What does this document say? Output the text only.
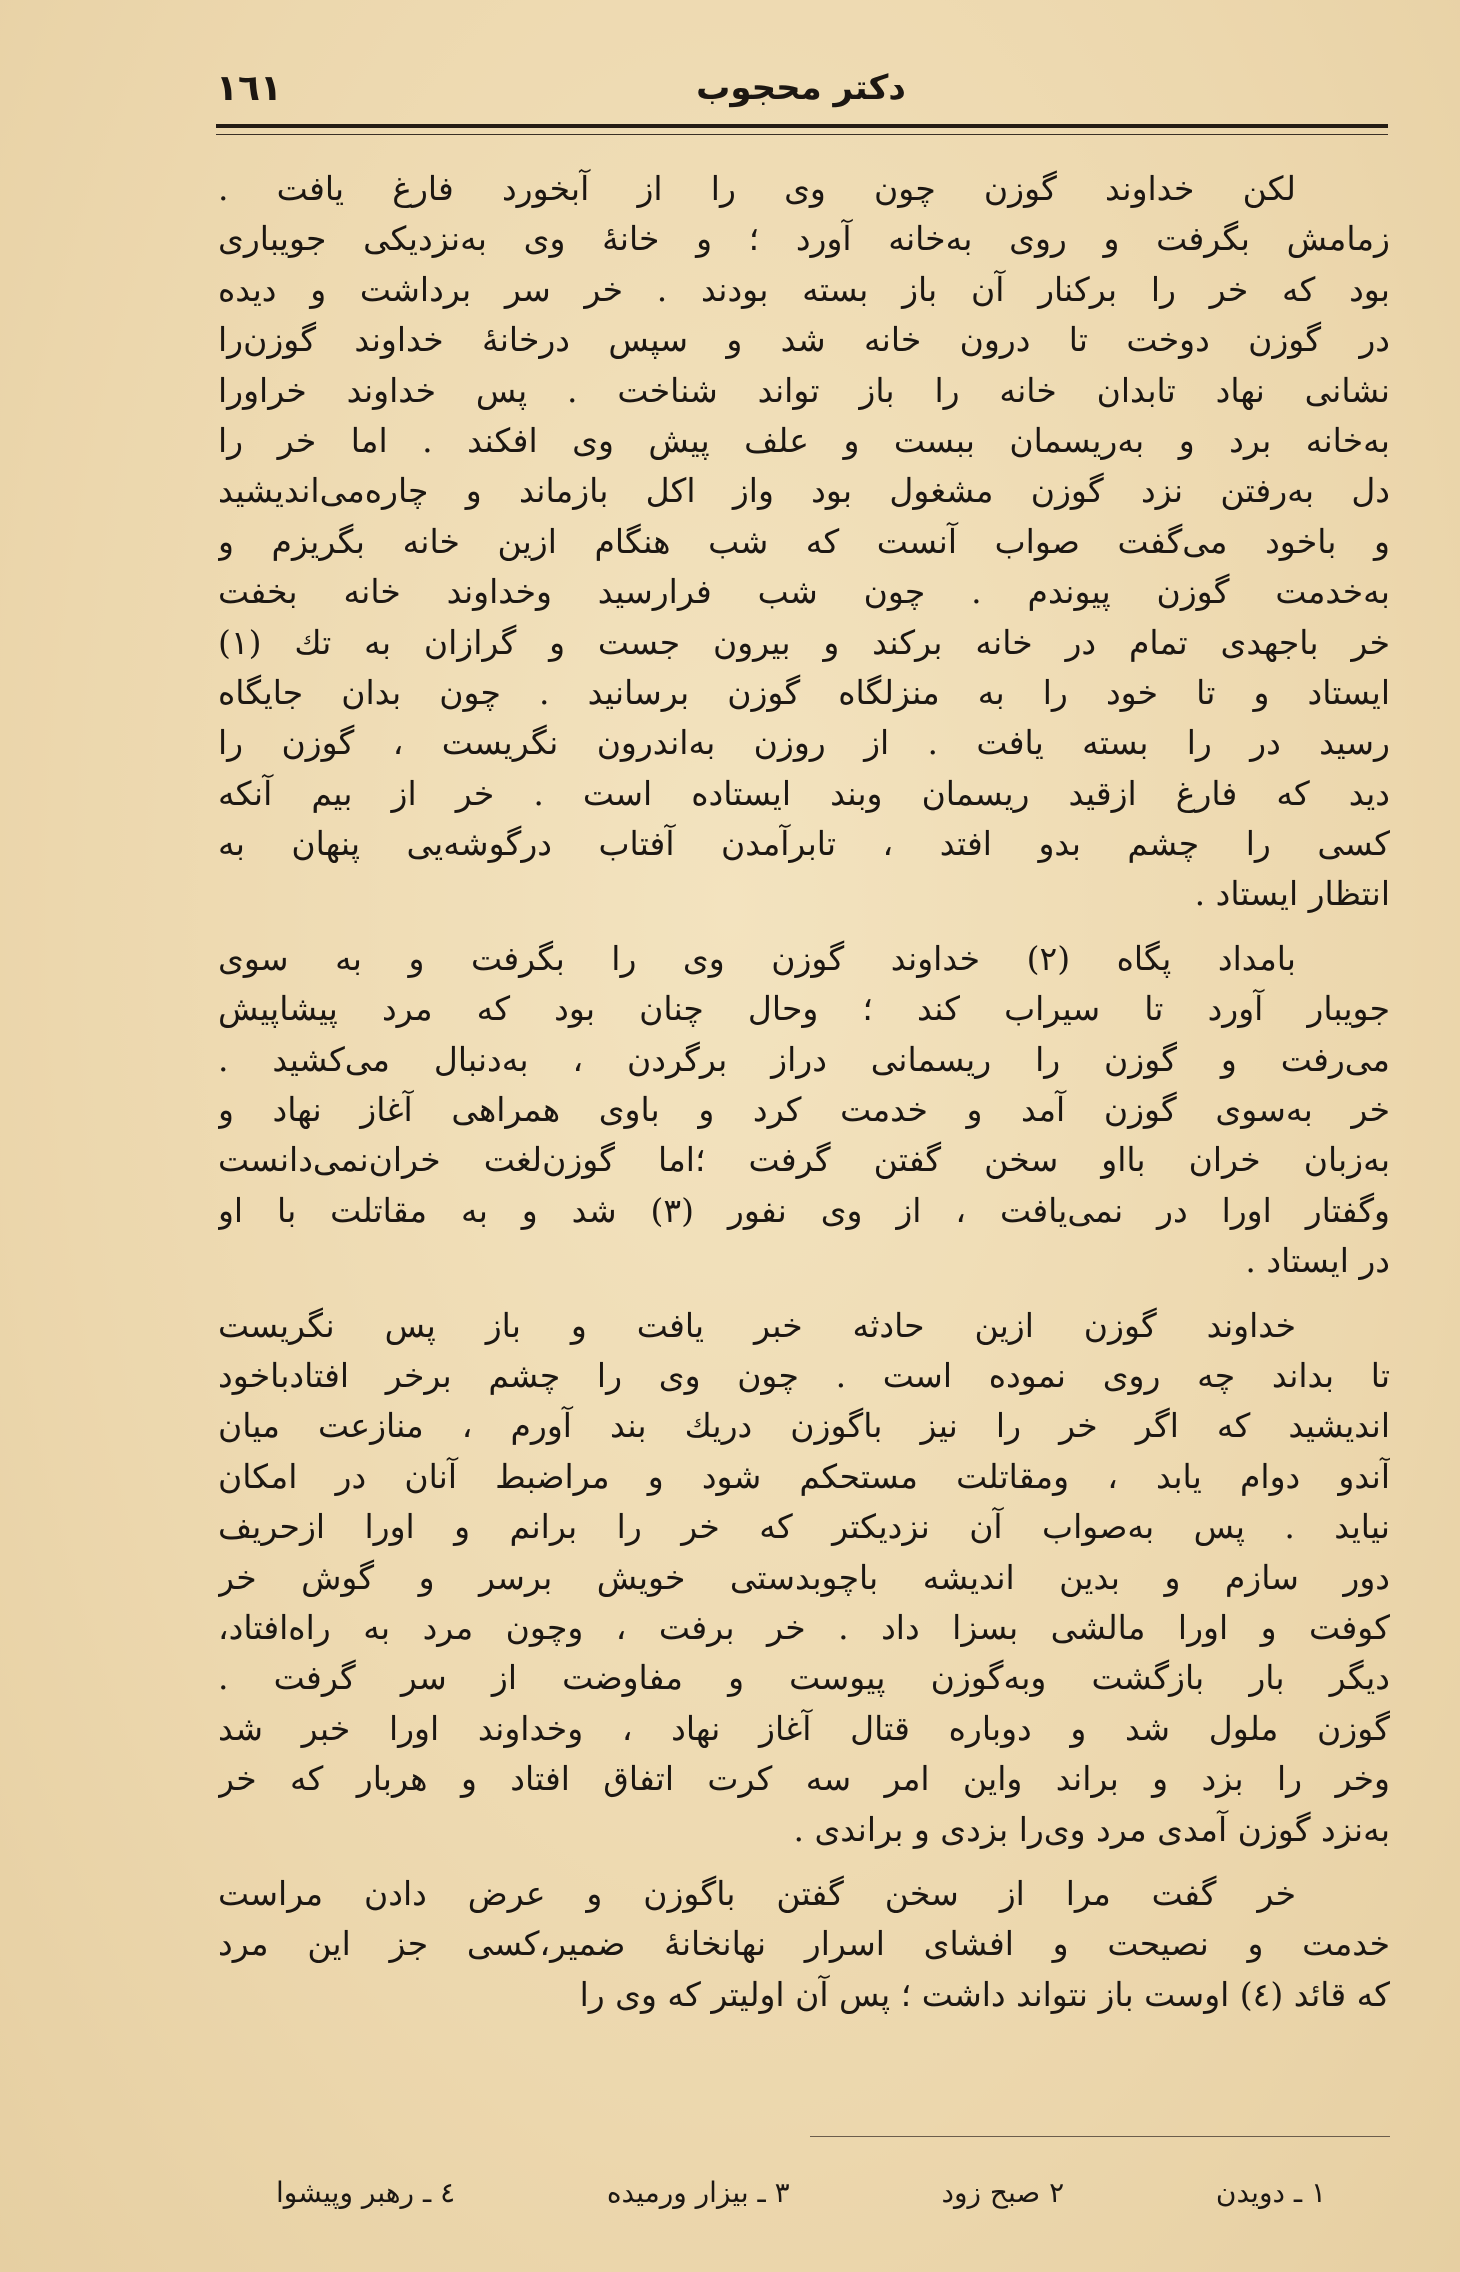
١٦١	دکتر محجوب
لکن خداوند گوزن چون وی را از آبخورد فارغ یافت .
زمامش بگرفت و روی به‌خانه آورد ؛ و خانهٔ وی به‌نزدیکی جویباری
بود که خر را برکنار آن باز بسته بودند . خر سر برداشت و دیده
در گوزن دوخت تا درون خانه شد و سپس درخانهٔ خداوند گوزن‌را
نشانی نهاد تابدان خانه را باز تواند شناخت . پس خداوند خراورا
به‌خانه برد و به‌ریسمان ببست و علف پیش وی افکند . اما خر را
دل به‌رفتن نزد گوزن مشغول بود واز اکل بازماند و چاره‌می‌اندیشید
و باخود می‌گفت صواب آنست که شب هنگام ازین خانه بگریزم و
به‌خدمت گوزن پیوندم . چون شب فرارسید وخداوند خانه بخفت
خر باجهدی تمام در خانه برکند و بیرون جست و گرازان به تك (۱)
ایستاد و تا خود را به منزلگاه گوزن برسانید . چون بدان جایگاه
رسید در را بسته یافت . از روزن به‌اندرون نگریست ، گوزن را
دید که فارغ ازقید ریسمان وبند ایستاده است . خر از بیم آنکه
کسی را چشم بدو افتد ، تابرآمدن آفتاب درگوشه‌یی پنهان به
انتظار ایستاد .
بامداد پگاه (۲) خداوند گوزن وی را بگرفت و به سوی
جویبار آورد تا سیراب کند ؛ وحال چنان بود که مرد پیشاپیش
می‌رفت و گوزن را ریسمانی دراز برگردن ، به‌دنبال می‌کشید .
خر به‌سوی گوزن آمد و خدمت کرد و باوی همراهی آغاز نهاد و
به‌زبان خران بااو سخن گفتن گرفت ؛اما گوزن‌لغت خران‌نمی‌دانست
وگفتار اورا در نمی‌یافت ، از وی نفور (۳) شد و به مقاتلت با او
در ایستاد .
خداوند گوزن ازین حادثه خبر یافت و باز پس نگریست
تا بداند چه روی نموده است . چون وی را چشم برخر افتادباخود
اندیشید که اگر خر را نیز باگوزن دریك بند آورم ، منازعت میان
آندو دوام یابد ، ومقاتلت مستحکم شود و مراضبط آنان در امکان
نیاید . پس به‌صواب آن نزدیکتر که خر را برانم و اورا ازحریف
دور سازم و بدین اندیشه باچوبدستی خویش برسر و گوش خر
کوفت و اورا مالشی بسزا داد . خر برفت ، وچون مرد به راه‌افتاد،
دیگر بار بازگشت وبه‌گوزن پیوست و مفاوضت از سر گرفت .
گوزن ملول شد و دوباره قتال آغاز نهاد ، وخداوند اورا خبر شد
وخر را بزد و براند واین امر سه کرت اتفاق افتاد و هربار که خر
به‌نزد گوزن آمدی مرد وی‌را بزدی و براندی .
خر گفت مرا از سخن گفتن باگوزن و عرض دادن مراست
خدمت و نصیحت و افشای اسرار نهانخانهٔ ضمیر،کسی جز این مرد
که قائد (٤) اوست باز نتواند داشت ؛ پس آن اولیتر که وی را
۱ ـ دویدن
۲ صبح زود
۳ ـ بیزار ورمیده
٤ ـ رهبر وپیشوا
